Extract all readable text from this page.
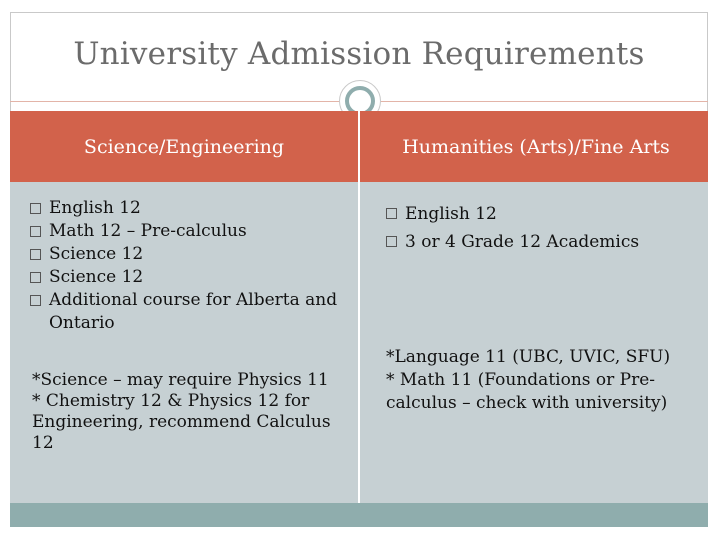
University Admission Requirements
Science/Engineering	Humanities (Arts)/Fine Arts
English 12
Math 12 – Pre-calculus
Science 12
Science 12
Additional course for Alberta and Ontario
*Science – may require Physics 11
* Chemistry 12 & Physics 12 for Engineering, recommend Calculus 12
English 12
3 or 4 Grade 12 Academics
*Language 11 (UBC, UVIC, SFU)
* Math 11 (Foundations or Pre-calculus – check with university)
